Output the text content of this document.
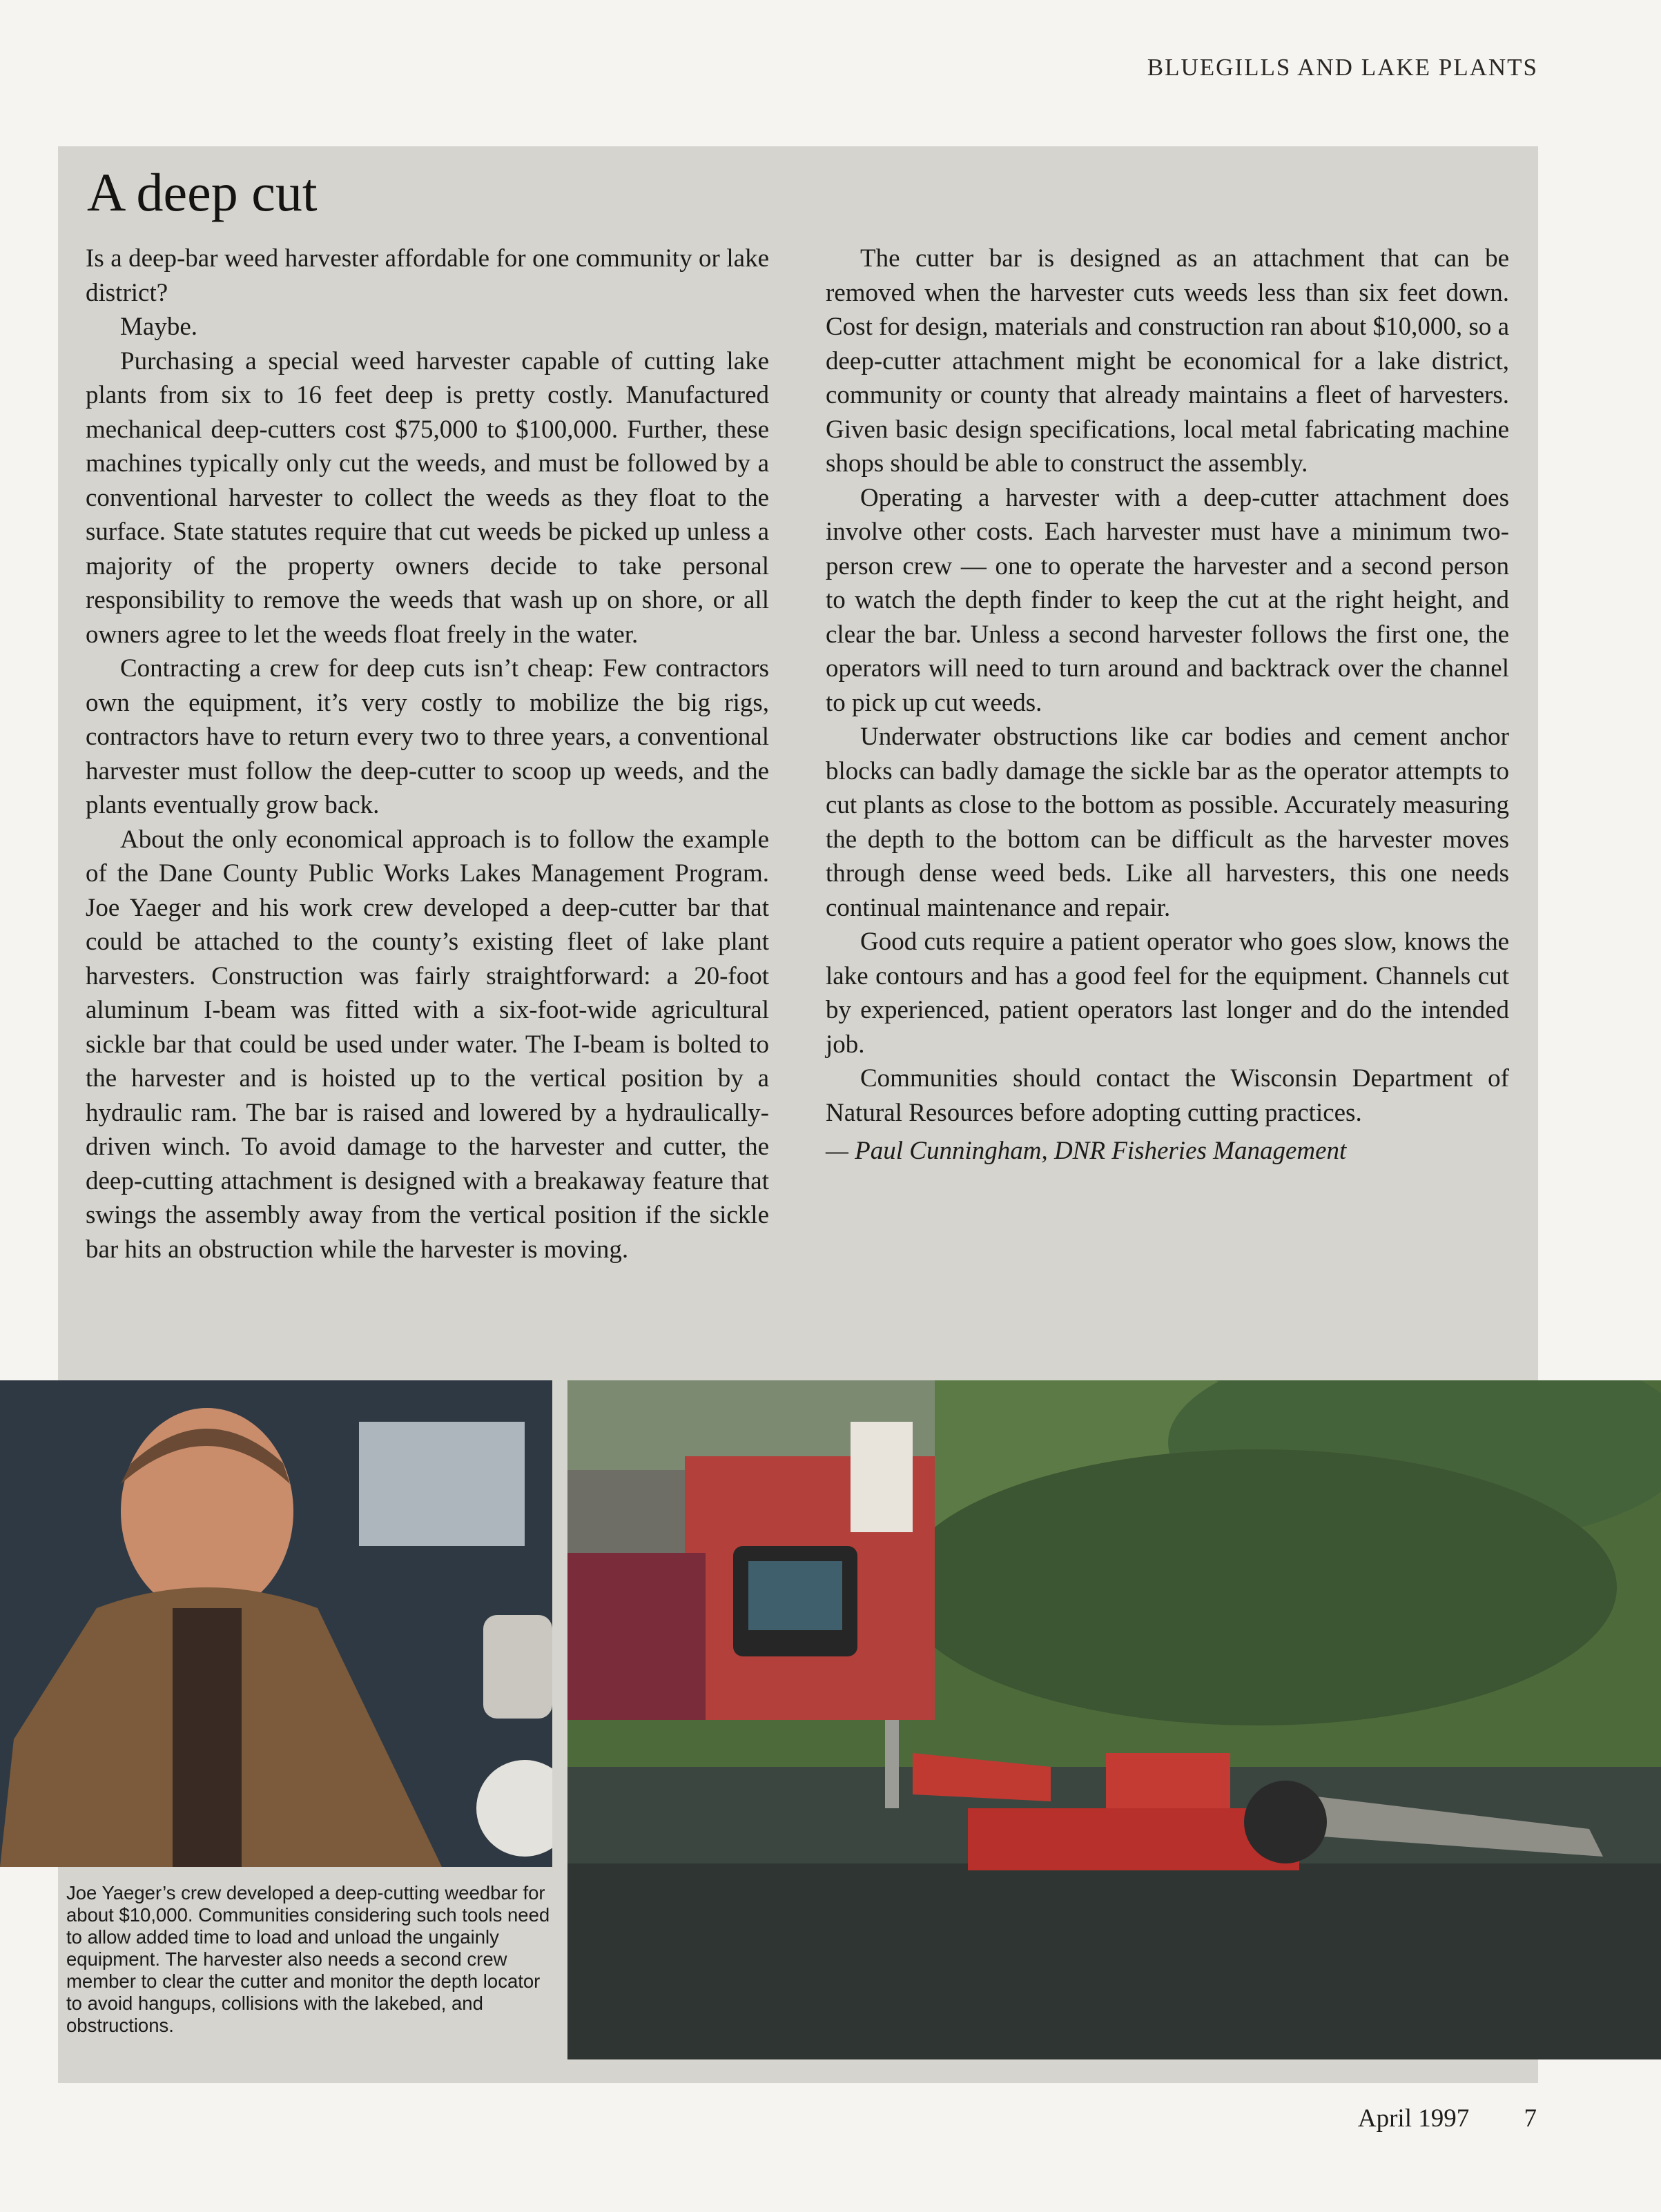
BLUEGILLS AND LAKE PLANTS
A deep cut

Is a deep-bar weed harvester affordable for one community or lake district?

Maybe.

Purchasing a special weed harvester capable of cutting lake plants from six to 16 feet deep is pretty costly. Manufactured mechanical deep-cutters cost $75,000 to $100,000. Further, these machines typically only cut the weeds, and must be followed by a conventional harvester to collect the weeds as they float to the surface. State statutes require that cut weeds be picked up unless a majority of the property owners decide to take personal responsibility to remove the weeds that wash up on shore, or all owners agree to let the weeds float freely in the water.

Contracting a crew for deep cuts isn’t cheap: Few contractors own the equipment, it’s very costly to mobilize the big rigs, contractors have to return every two to three years, a conventional harvester must follow the deep-cutter to scoop up weeds, and the plants eventually grow back.

About the only economical approach is to follow the example of the Dane County Public Works Lakes Management Program. Joe Yaeger and his work crew developed a deep-cutter bar that could be attached to the county’s existing fleet of lake plant harvesters. Construction was fairly straightforward: a 20-foot aluminum I-beam was fitted with a six-foot-wide agricultural sickle bar that could be used under water. The I-beam is bolted to the harvester and is hoisted up to the vertical position by a hydraulic ram. The bar is raised and lowered by a hydraulically-driven winch. To avoid damage to the harvester and cutter, the deep-cutting attachment is designed with a breakaway feature that swings the assembly away from the vertical position if the sickle bar hits an obstruction while the harvester is moving.

The cutter bar is designed as an attachment that can be removed when the harvester cuts weeds less than six feet down. Cost for design, materials and construction ran about $10,000, so a deep-cutter attachment might be economical for a lake district, community or county that already maintains a fleet of harvesters. Given basic design specifications, local metal fabricating machine shops should be able to construct the assembly.

Operating a harvester with a deep-cutter attachment does involve other costs. Each harvester must have a minimum two-person crew — one to operate the harvester and a second person to watch the depth finder to keep the cut at the right height, and clear the bar. Unless a second harvester follows the first one, the operators will need to turn around and backtrack over the channel to pick up cut weeds.

Underwater obstructions like car bodies and cement anchor blocks can badly damage the sickle bar as the operator attempts to cut plants as close to the bottom as possible. Accurately measuring the depth to the bottom can be difficult as the harvester moves through dense weed beds. Like all harvesters, this one needs continual maintenance and repair.

Good cuts require a patient operator who goes slow, knows the lake contours and has a good feel for the equipment. Channels cut by experienced, patient operators last longer and do the intended job.

Communities should contact the Wisconsin Department of Natural Resources before adopting cutting practices.

— Paul Cunningham, DNR Fisheries Management

Joe Yaeger’s crew developed a deep-cutting weedbar for about $10,000. Communities considering such tools need to allow added time to load and unload the ungainly equipment. The harvester also needs a second crew member to clear the cutter and monitor the depth locator to avoid hangups, collisions with the lakebed, and obstructions.
April 1997 7
